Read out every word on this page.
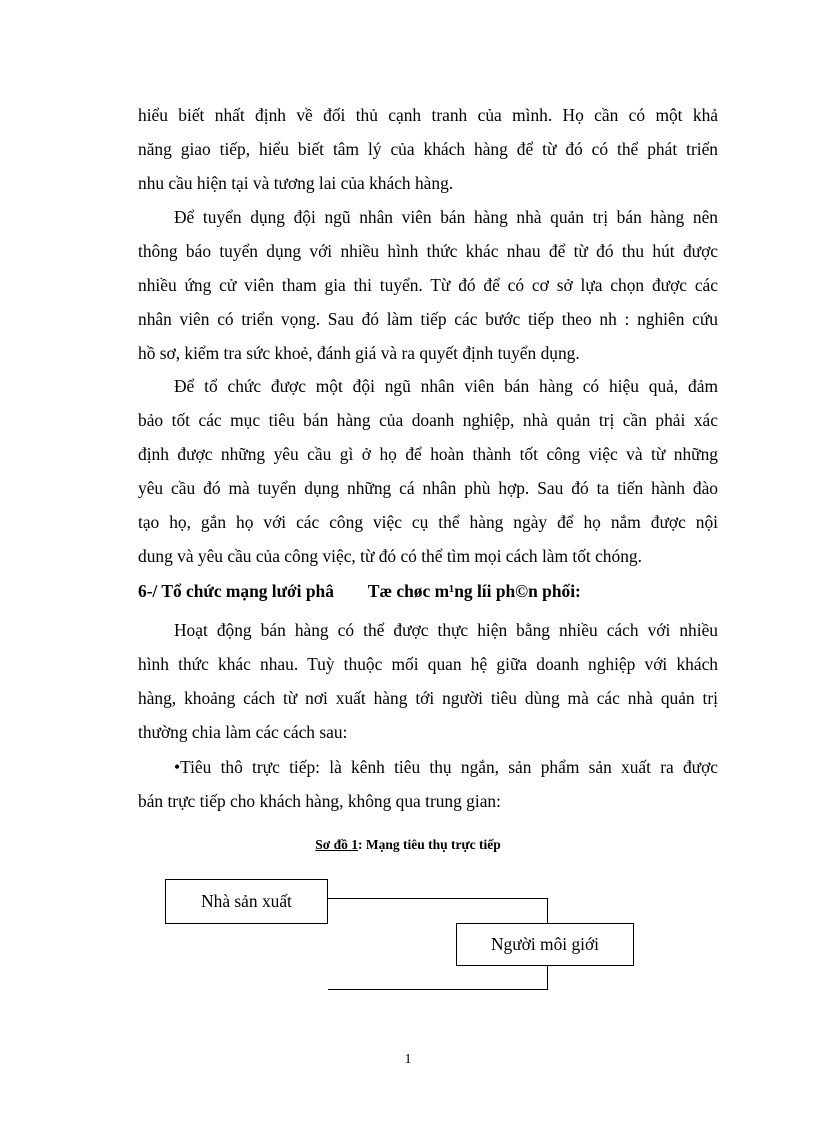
hiểu biết nhất định về đối thủ cạnh tranh của mình. Họ cần có một khả

năng giao tiếp, hiểu biết tâm lý của khách hàng để từ đó có thể phát triển

nhu cầu hiện tại và tương lai của khách hàng.

Để tuyển dụng đội ngũ nhân viên bán hàng nhà quản trị bán hàng nên

thông báo tuyển dụng với nhiều hình thức khác nhau để từ đó thu hút được

nhiều ứng cử viên tham gia thi tuyển. Từ đó để có cơ sở lựa chọn được các

nhân viên có triển vọng. Sau đó làm tiếp các bước tiếp theo nh : nghiên cứu

hồ sơ, kiểm tra sức khoẻ, đánh giá và ra quyết định tuyển dụng.

Để tổ chức được một đội ngũ nhân viên bán hàng có hiệu quả, đảm

bảo tốt các mục tiêu bán hàng của doanh nghiệp, nhà quản trị cần phải xác

định được những yêu cầu gì ở họ để hoàn thành tốt công việc và từ những

yêu cầu đó mà tuyển dụng những cá nhân phù hợp. Sau đó ta tiến hành đào

tạo họ, gắn họ với các công việc cụ thể hàng ngày để họ nắm được nội

dung và yêu cầu của công việc, từ đó có thể tìm mọi cách làm tốt chóng.

6-/ Tổ chức mạng lưới phâ Tæ chøc m¹ng líi ph©n phối:

Hoạt động bán hàng có thể được thực hiện bằng nhiều cách với nhiều

hình thức khác nhau. Tuỳ thuộc mối quan hệ giữa doanh nghiệp với khách

hàng, khoảng cách từ nơi xuất hàng tới người tiêu dùng mà các nhà quản trị

thường chia làm các cách sau:

•Tiêu thô trực tiếp: là kênh tiêu thụ ngắn, sản phẩm sản xuất ra được

bán trực tiếp cho khách hàng, không qua trung gian:

Sơ đồ 1: Mạng tiêu thụ trực tiếp
Nhà sản xuất
Người môi giới
1
